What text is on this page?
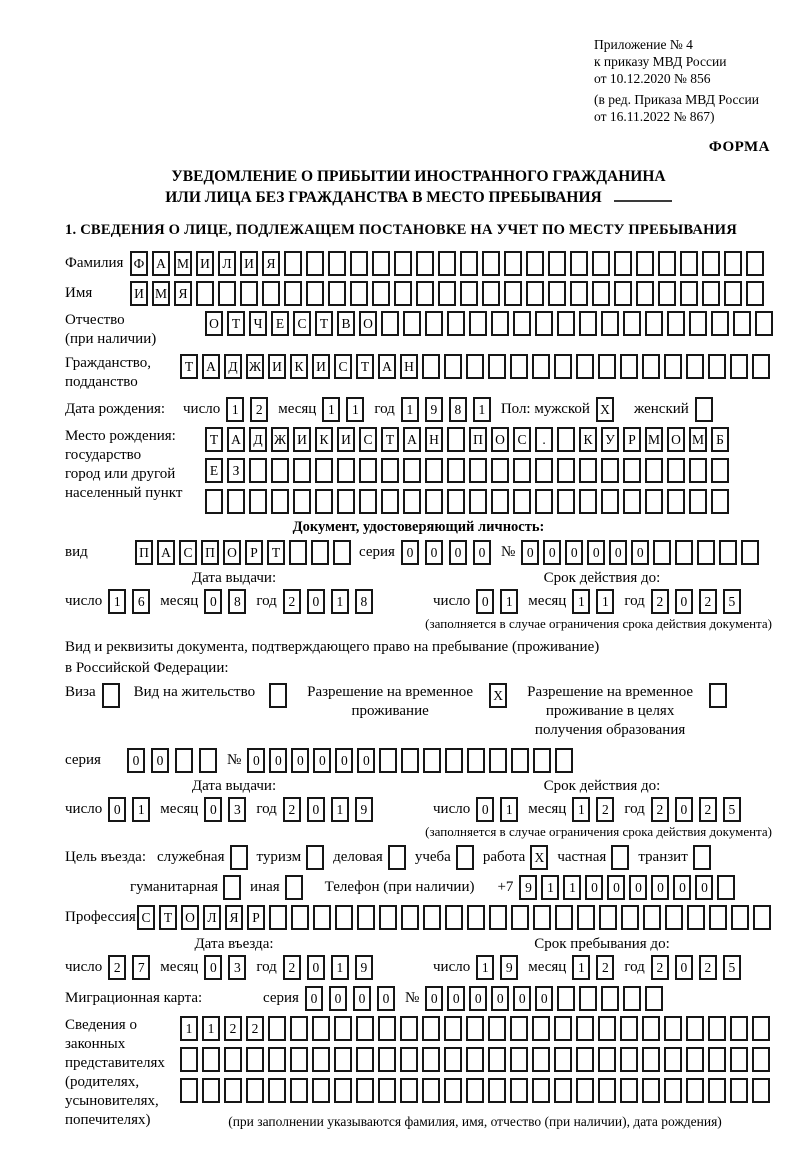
Приложение № 4
к приказу МВД России
от 10.12.2020 № 856
(в ред. Приказа МВД России
от 16.11.2022 № 867)
ФОРМА
УВЕДОМЛЕНИЕ О ПРИБЫТИИ ИНОСТРАННОГО ГРАЖДАНИНА
ИЛИ ЛИЦА БЕЗ ГРАЖДАНСТВА В МЕСТО ПРЕБЫВАНИЯ
1. СВЕДЕНИЯ О ЛИЦЕ, ПОДЛЕЖАЩЕМ ПОСТАНОВКЕ НА УЧЕТ ПО МЕСТУ ПРЕБЫВАНИЯ
Фамилия Ф А М И Л И Я
Имя	И М Я
Отчество
(при наличии)
О Т Ч Е С Т В О
Гражданство,
подданство
Т А Д Ж И К И С Т А Н
Дата рождения:	число 1	2	месяц 1	1	год 1	9	8	1	Пол: мужской X женский
Место рождения:
государство
город или другой
населенный пункт
Т А Д Ж И К И С Т А Н	П О С	.	К У Р М О М Б
Е	З
Документ, удостоверяющий личность:
вид	П А С П О Р	Т	серия 0	0	0	0	№ 0	0	0	0	0	0
Дата выдачи:
число 1	6	месяц 0	8	год 2	0	1	8
Срок действия до:
число 0	1	месяц 1	1	год 2	0	2	5
(заполняется в случае ограничения срока действия документа)
Вид и реквизиты документа, подтверждающего право на пребывание (проживание)
в Российской Федерации:
Виза	Вид на жительство	Разрешение на временное проживание
X	Разрешение на временное проживание в целях получения образования
серия	0	0	№ 0	0	0	0	0	0
Дата выдачи:
число 0	1	месяц 0	3	год 2	0	1	9
Срок действия до:
число 0	1	месяц 1	2	год 2	0	2	5
(заполняется в случае ограничения срока действия документа)
Цель въезда: служебная туризм деловая учеба работа X частная транзит
гуманитарная иная	Телефон (при наличии) +7 9	1	1	0	0	0	0	0	0
Профессия С Т О Л Я	Р
Дата въезда:
число 2	7	месяц 0	3	год 2	0	1	9
Срок пребывания до:
число 1	9	месяц 1	2	год 2	0	2	5
Миграционная карта:	серия 0	0	0	0	№ 0	0	0	0	0	0
Сведения о
законных
представителях
(родителях,
усыновителях,
попечителях)
1	1	2	2
(при заполнении указываются фамилия, имя, отчество (при наличии), дата рождения)
